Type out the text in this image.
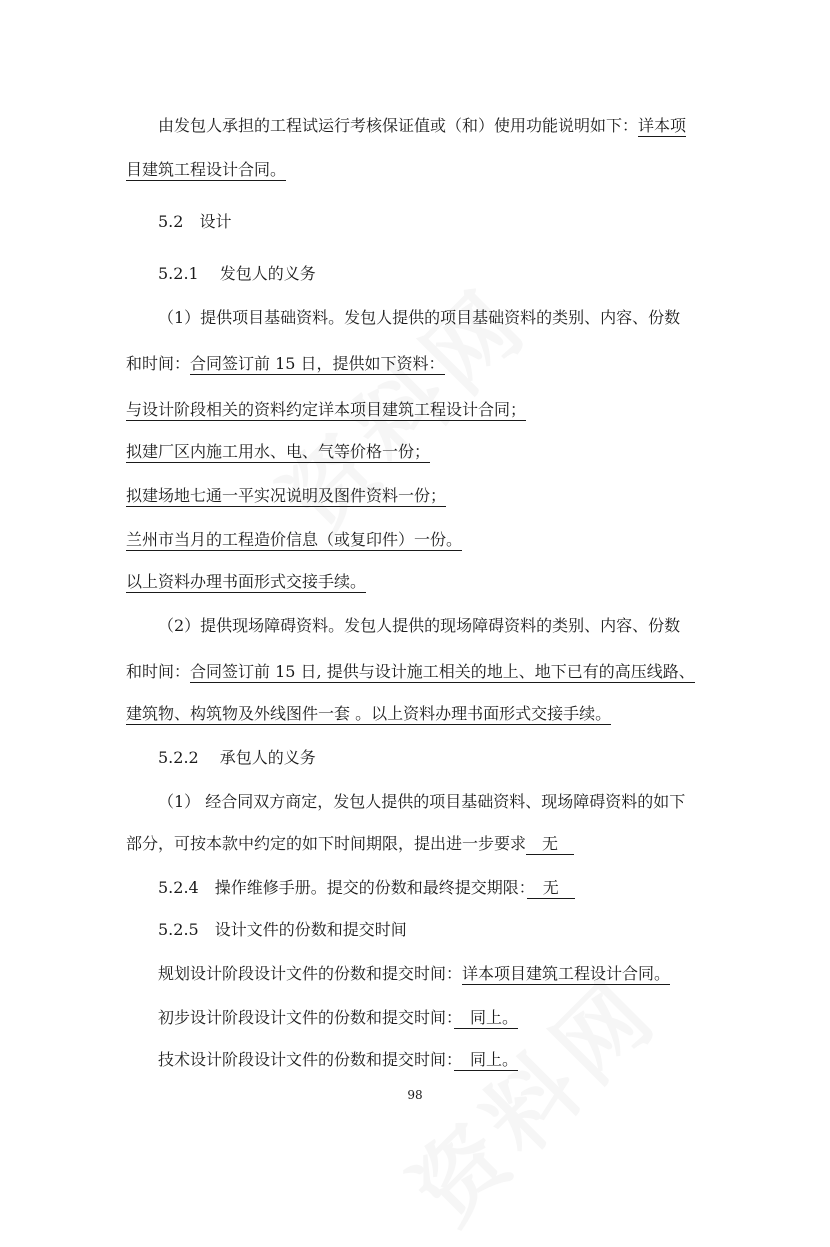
由发包人承担的工程试运行考核保证值或（和）使用功能说明如下：详本项
目建筑工程设计合同。
5.2　设计
5.2.1　 发包人的义务
（1）提供项目基础资料。发包人提供的项目基础资料的类别、内容、份数
和时间：合同签订前 15 日，提供如下资料：
与设计阶段相关的资料约定详本项目建筑工程设计合同；
拟建厂区内施工用水、电、气等价格一份；
拟建场地七通一平实况说明及图件资料一份；
兰州市当月的工程造价信息（或复印件）一份。
以上资料办理书面形式交接手续。
（2）提供现场障碍资料。发包人提供的现场障碍资料的类别、内容、份数
和时间：合同签订前 15 日, 提供与设计施工相关的地上、地下已有的高压线路、
建筑物、构筑物及外线图件一套 。以上资料办理书面形式交接手续。
5.2.2　 承包人的义务
（1） 经合同双方商定，发包人提供的项目基础资料、现场障碍资料的如下
部分，可按本款中约定的如下时间期限，提出进一步要求　无　
5.2.4　操作维修手册。提交的份数和最终提交期限：　无　
5.2.5　设计文件的份数和提交时间
规划设计阶段设计文件的份数和提交时间：详本项目建筑工程设计合同。
初步设计阶段设计文件的份数和提交时间：　同上。
技术设计阶段设计文件的份数和提交时间：　同上。
98
